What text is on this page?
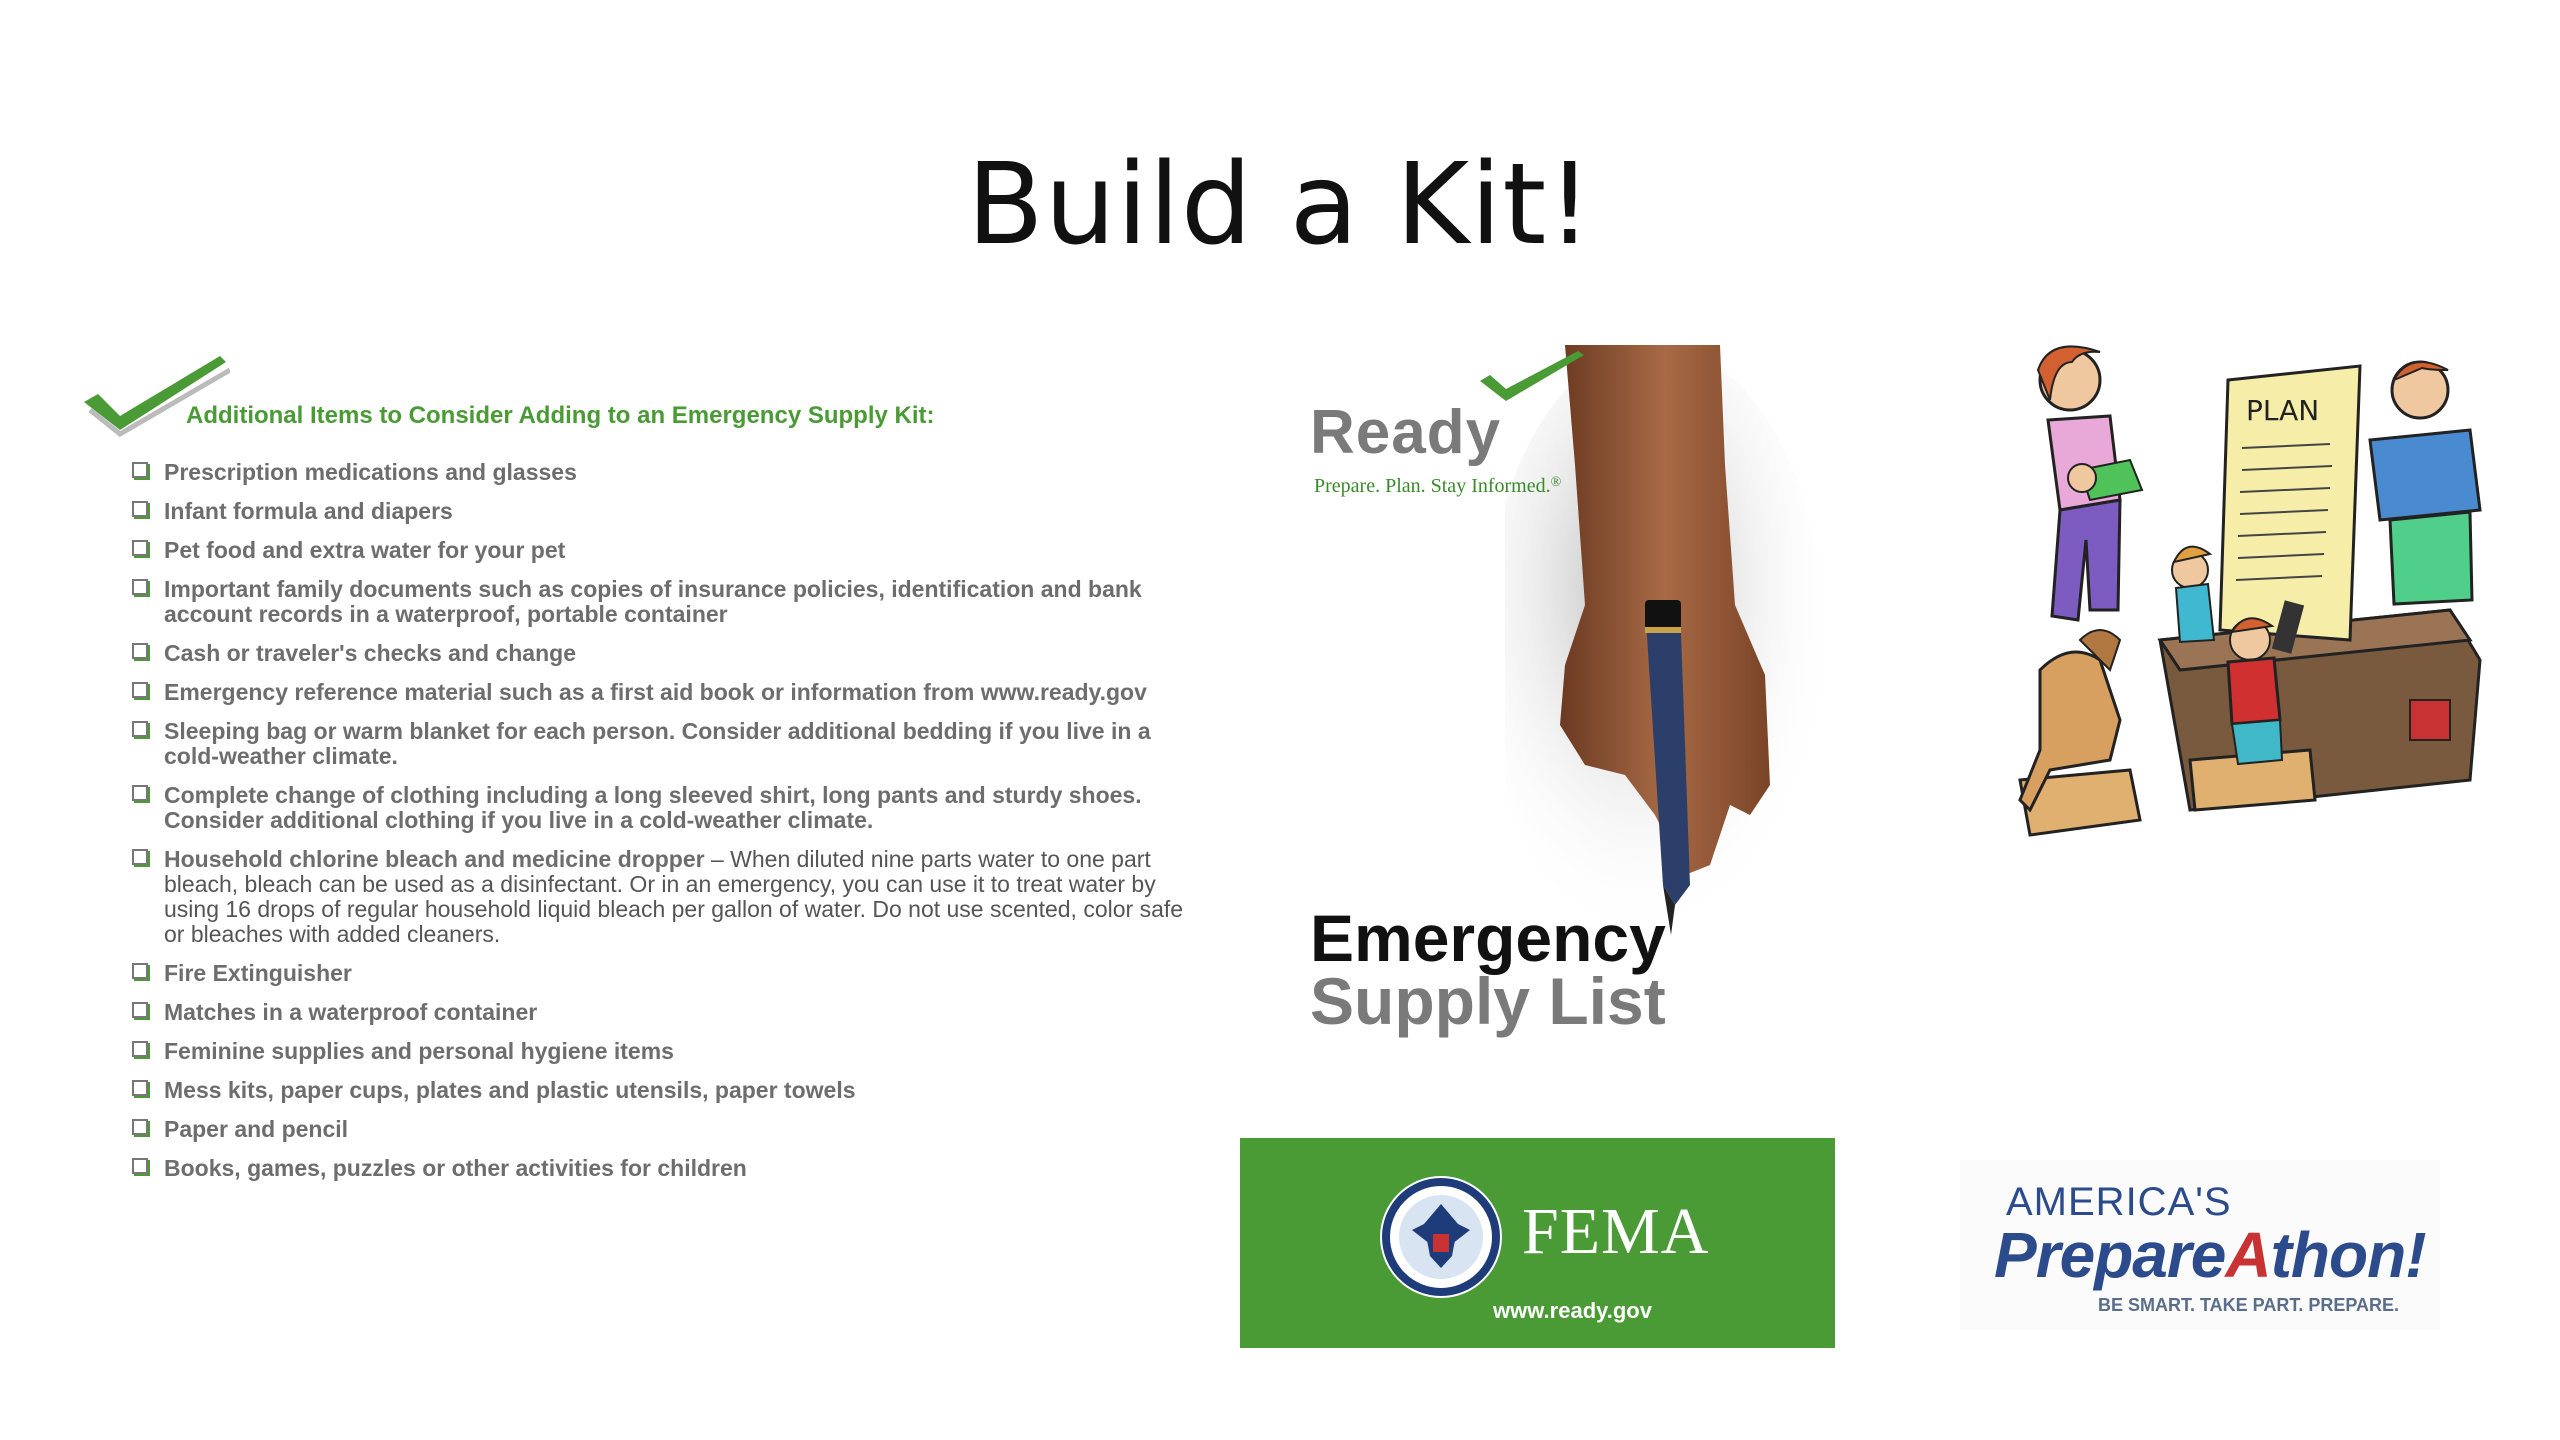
Build a Kit!
Additional Items to Consider Adding to an Emergency Supply Kit:
Prescription medications and glasses
Infant formula and diapers
Pet food and extra water for your pet
Important family documents such as copies of insurance policies, identification and bank account records in a waterproof, portable container
Cash or traveler's checks and change
Emergency reference material such as a first aid book or information from www.ready.gov
Sleeping bag or warm blanket for each person. Consider additional bedding if you live in a cold-weather climate.
Complete change of clothing including a long sleeved shirt, long pants and sturdy shoes. Consider additional clothing if you live in a cold-weather climate.
Household chlorine bleach and medicine dropper – When diluted nine parts water to one part bleach, bleach can be used as a disinfectant. Or in an emergency, you can use it to treat water by using 16 drops of regular household liquid bleach per gallon of water. Do not use scented, color safe or bleaches with added cleaners.
Fire Extinguisher
Matches in a waterproof container
Feminine supplies and personal hygiene items
Mess kits, paper cups, plates and plastic utensils, paper towels
Paper and pencil
Books, games, puzzles or other activities for children
Ready
Prepare. Plan. Stay Informed.®
Emergency
Supply List
FEMA
www.ready.gov
PLAN
AMERICA'S
PrepareAthon!
BE SMART. TAKE PART. PREPARE.
